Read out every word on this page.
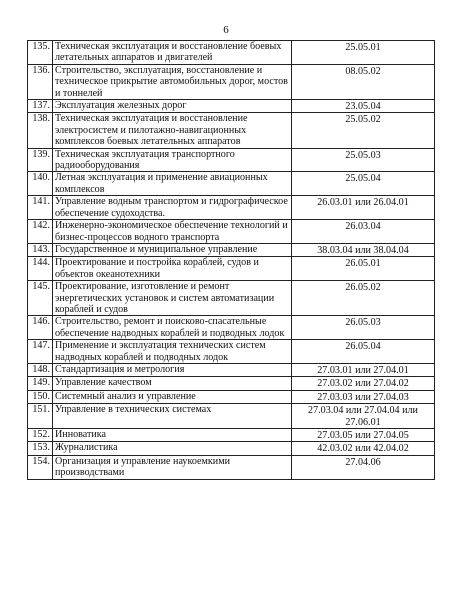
6
135.	Техническая эксплуатация и восстановление боевых летательных аппаратов и двигателей	25.05.01
136.	Строительство, эксплуатация, восстановление и техническое прикрытие автомобильных дорог, мостов и тоннелей	08.05.02
137.	Эксплуатация железных дорог	23.05.04
138.	Техническая эксплуатация и восстановление электросистем и пилотажно-навигационных комплексов боевых летательных аппаратов	25.05.02
139.	Техническая эксплуатация транспортного радиооборудования	25.05.03
140.	Летная эксплуатация и применение авиационных комплексов	25.05.04
141.	Управление водным транспортом и гидрографическое обеспечение судоходства.	26.03.01 или 26.04.01
142.	Инженерно-экономическое обеспечение технологий и бизнес-процессов водного транспорта	26.03.04
143.	Государственное и муниципальное управление	38.03.04 или 38.04.04
144.	Проектирование и постройка кораблей, судов и объектов океанотехники	26.05.01
145.	Проектирование, изготовление и ремонт энергетических установок и систем автоматизации кораблей и судов	26.05.02
146.	Строительство, ремонт и поисково-спасательные обеспечение надводных кораблей и подводных лодок	26.05.03
147.	Применение и эксплуатация технических систем надводных кораблей и подводных лодок	26.05.04
148.	Стандартизация и метрология	27.03.01 или 27.04.01
149.	Управление качеством	27.03.02 или 27.04.02
150.	Системный анализ и управление	27.03.03 или 27.04.03
151.	Управление в технических системах	27.03.04 или 27.04.04 или 27.06.01
152.	Инноватика	27.03.05 или 27.04.05
153.	Журналистика	42.03.02 или 42.04.02
154.	Организация и управление наукоемкими производствами	27.04.06
